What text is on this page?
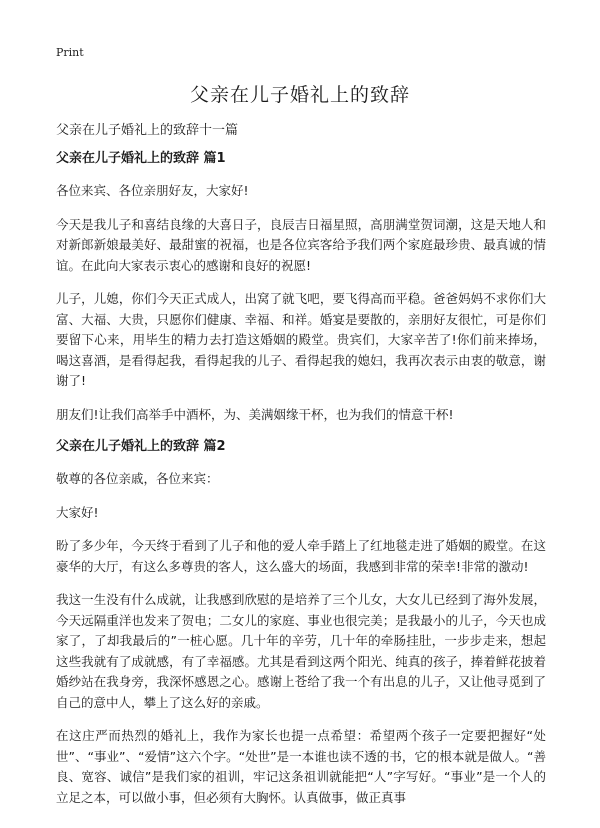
Print
父亲在儿子婚礼上的致辞
父亲在儿子婚礼上的致辞十一篇
父亲在儿子婚礼上的致辞 篇1

各位来宾、各位亲朋好友，大家好!

今天是我儿子和喜结良缘的大喜日子，良辰吉日福星照，高朋满堂贺词潮，这是天地人和对新郎新娘最美好、最甜蜜的祝福，也是各位宾客给予我们两个家庭最珍贵、最真诚的情谊。在此向大家表示衷心的感谢和良好的祝愿!

儿子，儿媳，你们今天正式成人，出窝了就飞吧，要飞得高而平稳。爸爸妈妈不求你们大富、大福、大贵，只愿你们健康、幸福、和祥。婚宴是要散的，亲朋好友很忙，可是你们要留下心来，用毕生的精力去打造这婚姻的殿堂。贵宾们，大家辛苦了!你们前来捧场，喝这喜酒，是看得起我，看得起我的儿子、看得起我的媳妇，我再次表示由衷的敬意，谢谢了!

朋友们!让我们高举手中酒杯，为、美满姻缘干杯，也为我们的情意干杯!

父亲在儿子婚礼上的致辞 篇2

敬尊的各位亲戚，各位来宾：

大家好!

盼了多少年，今天终于看到了儿子和他的爱人牵手踏上了红地毯走进了婚姻的殿堂。在这豪华的大厅，有这么多尊贵的客人，这么盛大的场面，我感到非常的荣幸!非常的激动!

我这一生没有什么成就，让我感到欣慰的是培养了三个儿女，大女儿已经到了海外发展，今天远隔重洋也发来了贺电；二女儿的家庭、事业也很完美；是我最小的儿子，今天也成家了，了却我最后的”一桩心愿。几十年的辛劳，几十年的牵肠挂肚，一步步走来，想起这些我就有了成就感，有了幸福感。尤其是看到这两个阳光、纯真的孩子，捧着鲜花披着婚纱站在我身旁，我深怀感恩之心。感谢上苍给了我一个有出息的儿子，又让他寻觅到了自己的意中人，攀上了这么好的亲戚。

在这庄严而热烈的婚礼上，我作为家长也提一点希望：希望两个孩子一定要把握好“处世”、“事业”、“爱情”这六个字。“处世”是一本谁也读不透的书，它的根本就是做人。“善良、宽容、诚信”是我们家的祖训，牢记这条祖训就能把“人”字写好。“事业”是一个人的立足之本，可以做小事，但必须有大胸怀。认真做事，做正真事
